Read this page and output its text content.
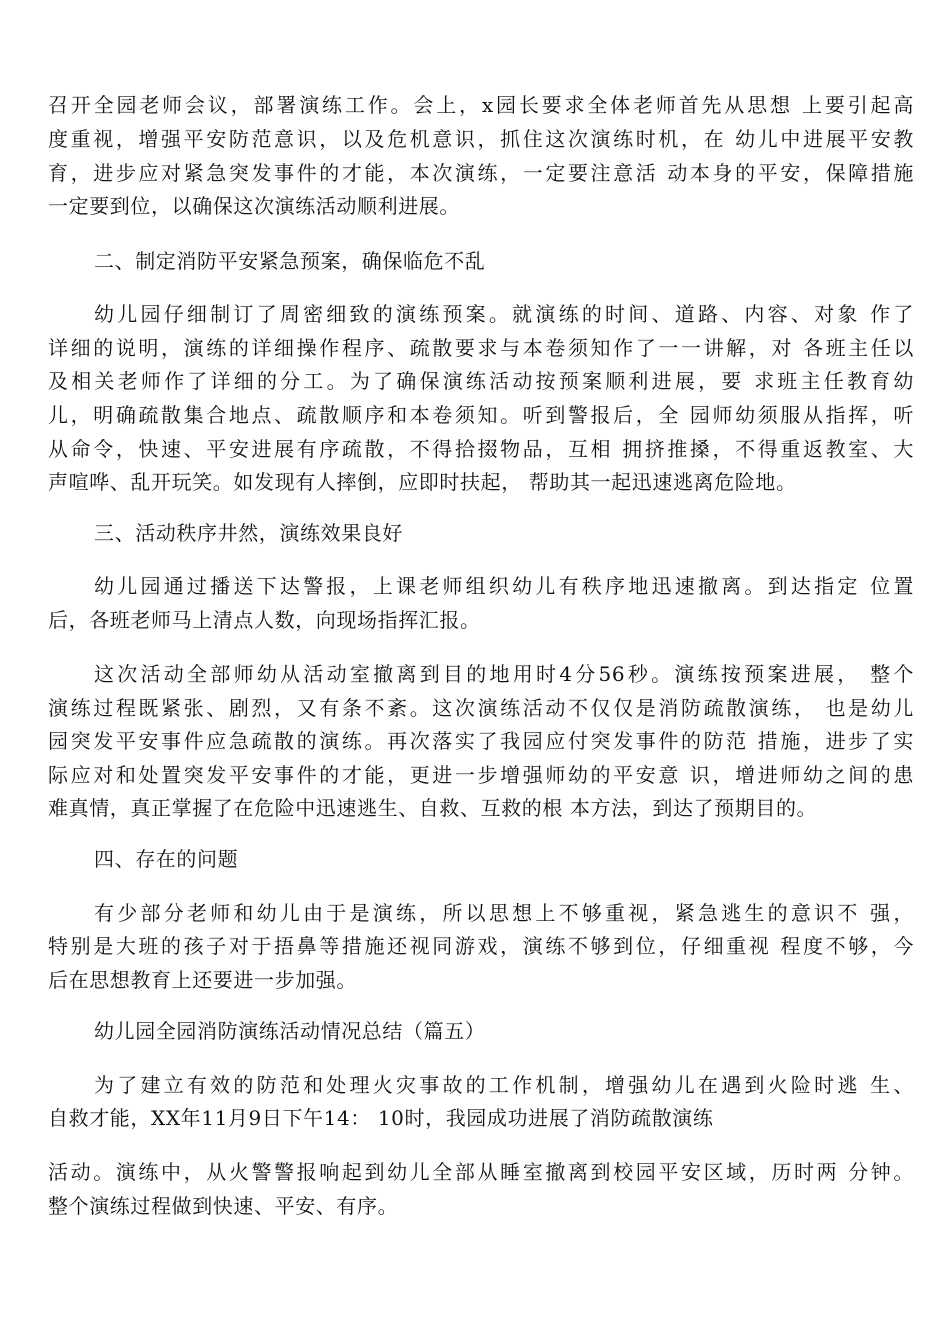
召开全园老师会议，部署演练工作。会上，x园长要求全体老师首先从思想 上要引起高
度重视，增强平安防范意识，以及危机意识，抓住这次演练时机，在 幼儿中进展平安教
育，进步应对紧急突发事件的才能，本次演练，一定要注意活 动本身的平安，保障措施
一定要到位，以确保这次演练活动顺利进展。
二、制定消防平安紧急预案，确保临危不乱
幼儿园仔细制订了周密细致的演练预案。就演练的时间、道路、内容、对象 作了
详细的说明，演练的详细操作程序、疏散要求与本卷须知作了一一讲解，对 各班主任以
及相关老师作了详细的分工。为了确保演练活动按预案顺利进展，要 求班主任教育幼
儿，明确疏散集合地点、疏散顺序和本卷须知。听到警报后，全 园师幼须服从指挥，听
从命令，快速、平安进展有序疏散，不得拾掇物品，互相 拥挤推搡，不得重返教室、大
声喧哗、乱开玩笑。如发现有人摔倒，应即时扶起， 帮助其一起迅速逃离危险地。
三、活动秩序井然，演练效果良好
幼儿园通过播送下达警报，上课老师组织幼儿有秩序地迅速撤离。到达指定 位置
后，各班老师马上清点人数，向现场指挥汇报。
这次活动全部师幼从活动室撤离到目的地用时4分56秒。演练按预案进展， 整个
演练过程既紧张、剧烈，又有条不紊。这次演练活动不仅仅是消防疏散演练， 也是幼儿
园突发平安事件应急疏散的演练。再次落实了我园应付突发事件的防范 措施，进步了实
际应对和处置突发平安事件的才能，更进一步增强师幼的平安意 识，增进师幼之间的患
难真情，真正掌握了在危险中迅速逃生、自救、互救的根 本方法，到达了预期目的。
四、存在的问题
有少部分老师和幼儿由于是演练，所以思想上不够重视，紧急逃生的意识不 强，
特别是大班的孩子对于捂鼻等措施还视同游戏，演练不够到位，仔细重视 程度不够，今
后在思想教育上还要进一步加强。
幼儿园全园消防演练活动情况总结（篇五）
为了建立有效的防范和处理火灾事故的工作机制，增强幼儿在遇到火险时逃 生、
自救才能，XX年11月9日下午14： 10时，我园成功进展了消防疏散演练
活动。演练中，从火警警报响起到幼儿全部从睡室撤离到校园平安区域，历时两 分钟。
整个演练过程做到快速、平安、有序。
